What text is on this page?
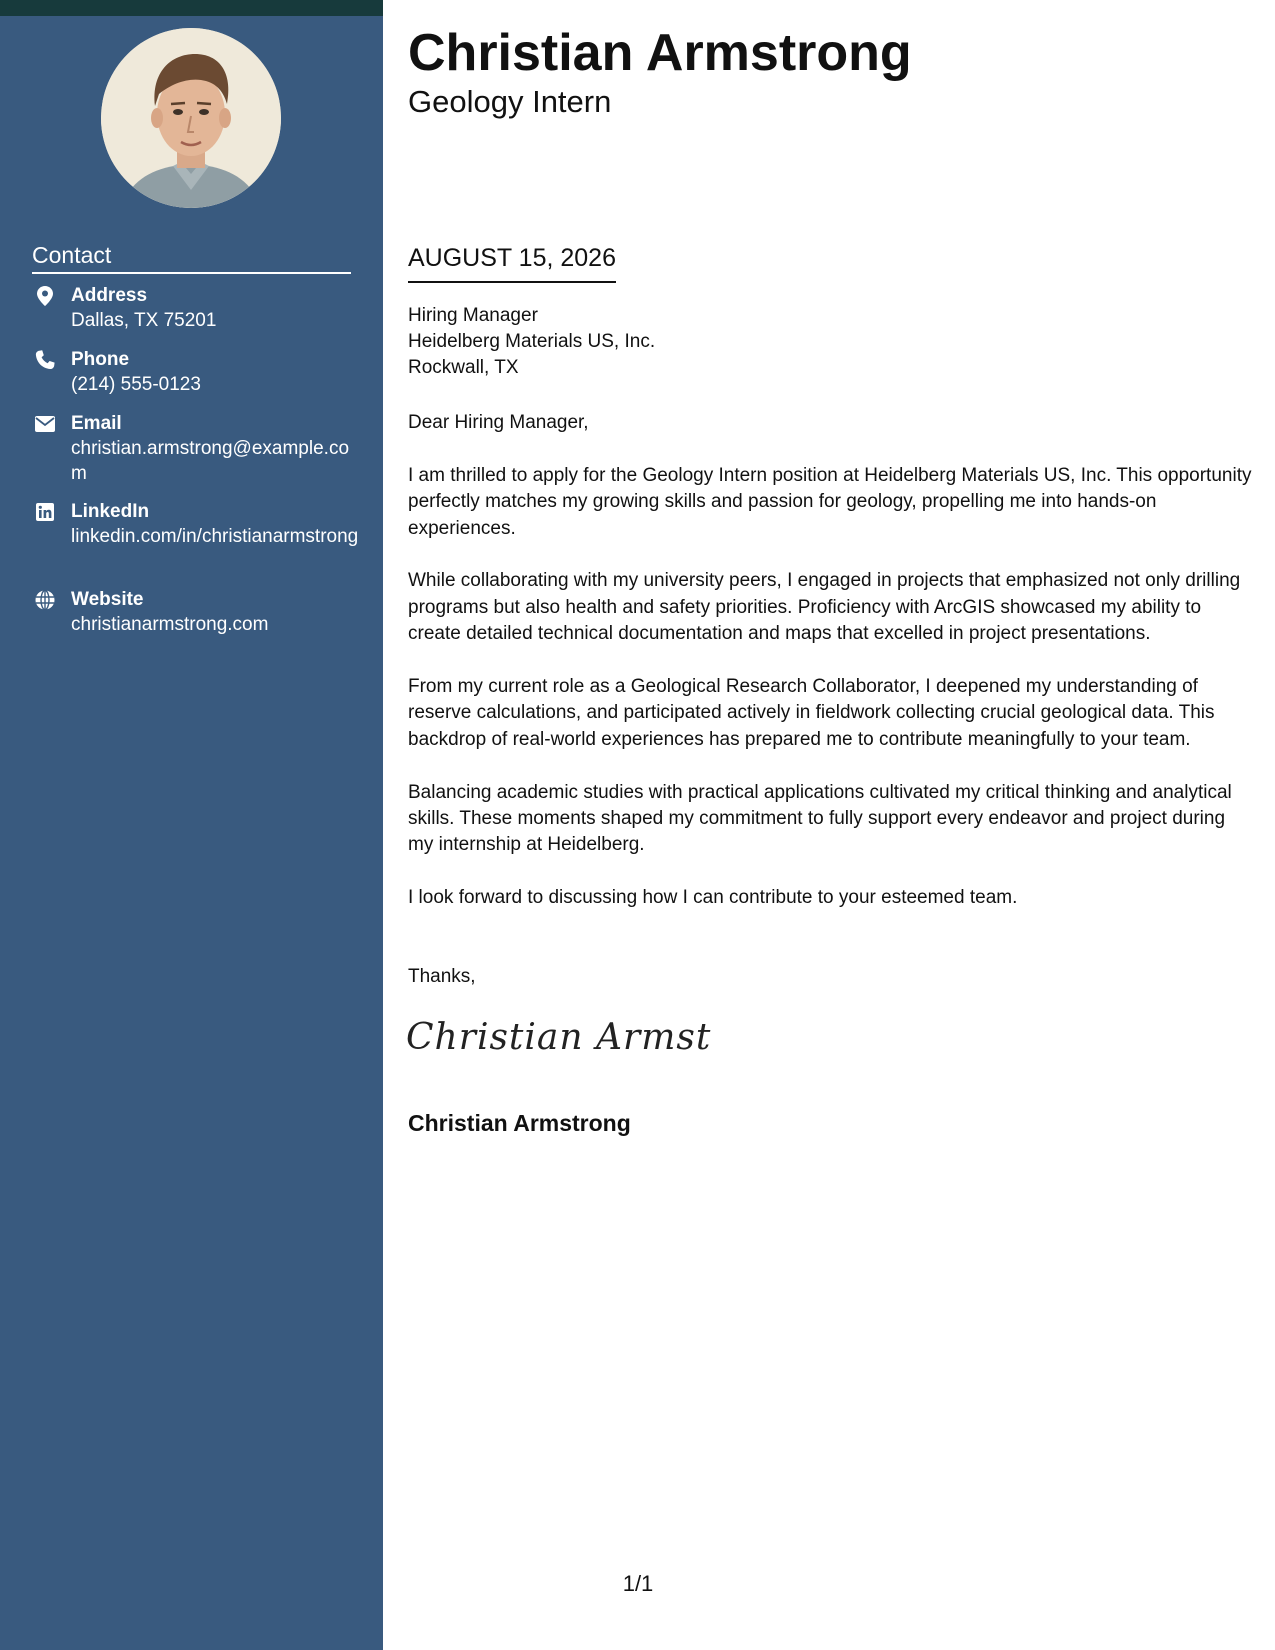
Contact
Address
Dallas, TX 75201
Phone
(214) 555-0123
Email
christian.armstrong@example.com
LinkedIn
linkedin.com/in/christianarmstrong
Website
christianarmstrong.com
Christian Armstrong
Geology Intern
AUGUST 15, 2026
Hiring Manager
Heidelberg Materials US, Inc.
Rockwall, TX

Dear Hiring Manager,

I am thrilled to apply for the Geology Intern position at Heidelberg Materials US, Inc. This opportunity perfectly matches my growing skills and passion for geology, propelling me into hands-on experiences.

While collaborating with my university peers, I engaged in projects that emphasized not only drilling programs but also health and safety priorities. Proficiency with ArcGIS showcased my ability to create detailed technical documentation and maps that excelled in project presentations.

From my current role as a Geological Research Collaborator, I deepened my understanding of reserve calculations, and participated actively in fieldwork collecting crucial geological data. This backdrop of real-world experiences has prepared me to contribute meaningfully to your team.

Balancing academic studies with practical applications cultivated my critical thinking and analytical skills. These moments shaped my commitment to fully support every endeavor and project during my internship at Heidelberg.

I look forward to discussing how I can contribute to your esteemed team.

Thanks,
Christian Armst
Christian Armstrong
1/1
